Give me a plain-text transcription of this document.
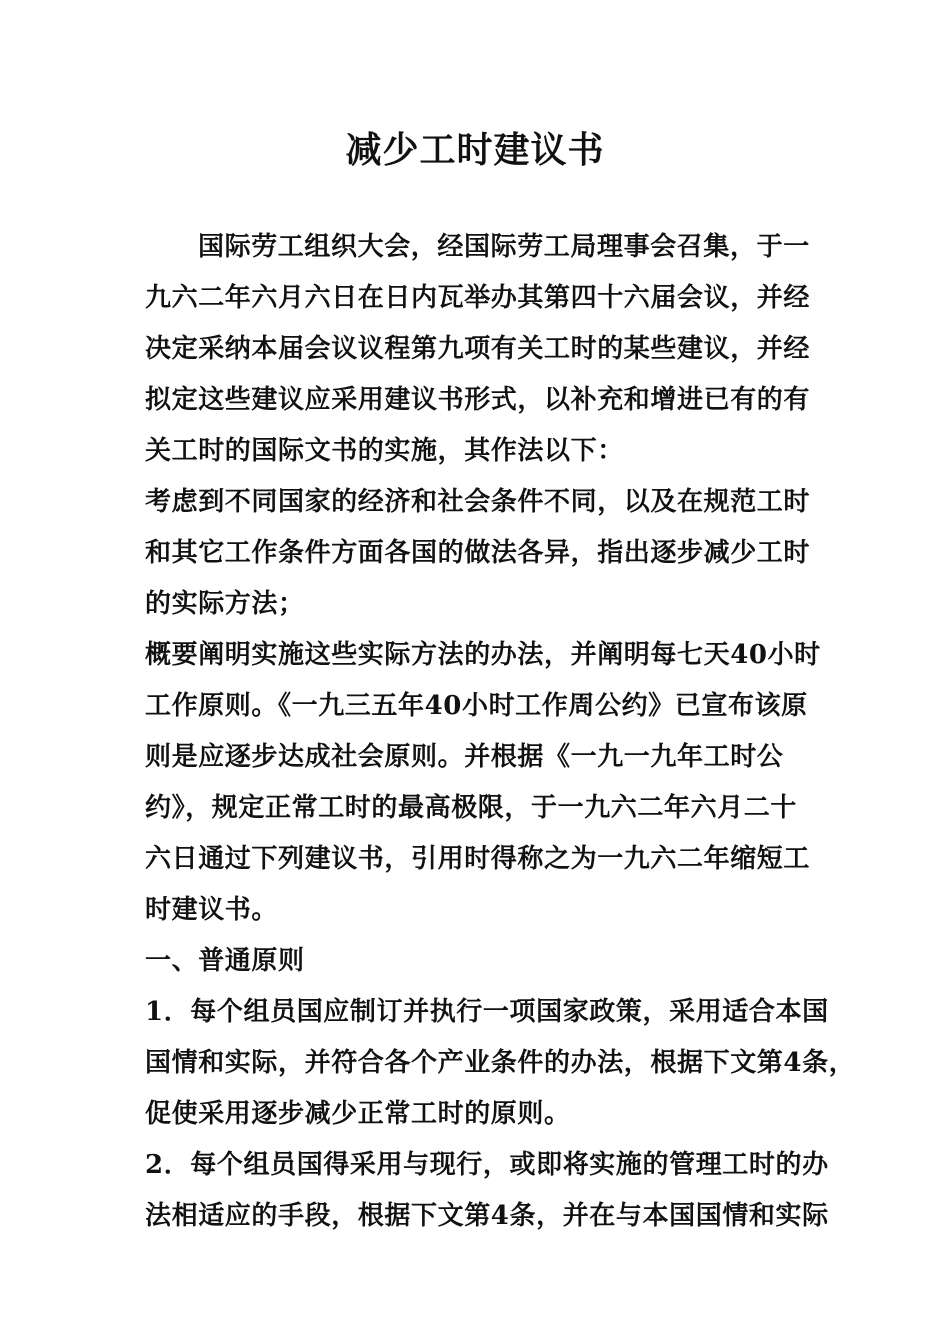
减少工时建议书
国际劳工组织大会，经国际劳工局理事会召集，于一
九六二年六月六日在日内瓦举办其第四十六届会议，并经
决定采纳本届会议议程第九项有关工时的某些建议，并经
拟定这些建议应采用建议书形式，以补充和增进已有的有
关工时的国际文书的实施，其作法以下：
考虑到不同国家的经济和社会条件不同，以及在规范工时
和其它工作条件方面各国的做法各异，指出逐步减少工时
的实际方法；
概要阐明实施这些实际方法的办法，并阐明每七天40小时
工作原则。《一九三五年40小时工作周公约》已宣布该原
则是应逐步达成社会原则。并根据《一九一九年工时公
约》，规定正常工时的最高极限，于一九六二年六月二十
六日通过下列建议书，引用时得称之为一九六二年缩短工
时建议书。
一、普通原则
1．每个组员国应制订并执行一项国家政策，采用适合本国
国情和实际，并符合各个产业条件的办法，根据下文第4条，
促使采用逐步减少正常工时的原则。
2．每个组员国得采用与现行，或即将实施的管理工时的办
法相适应的手段，根据下文第4条，并在与本国国情和实际
